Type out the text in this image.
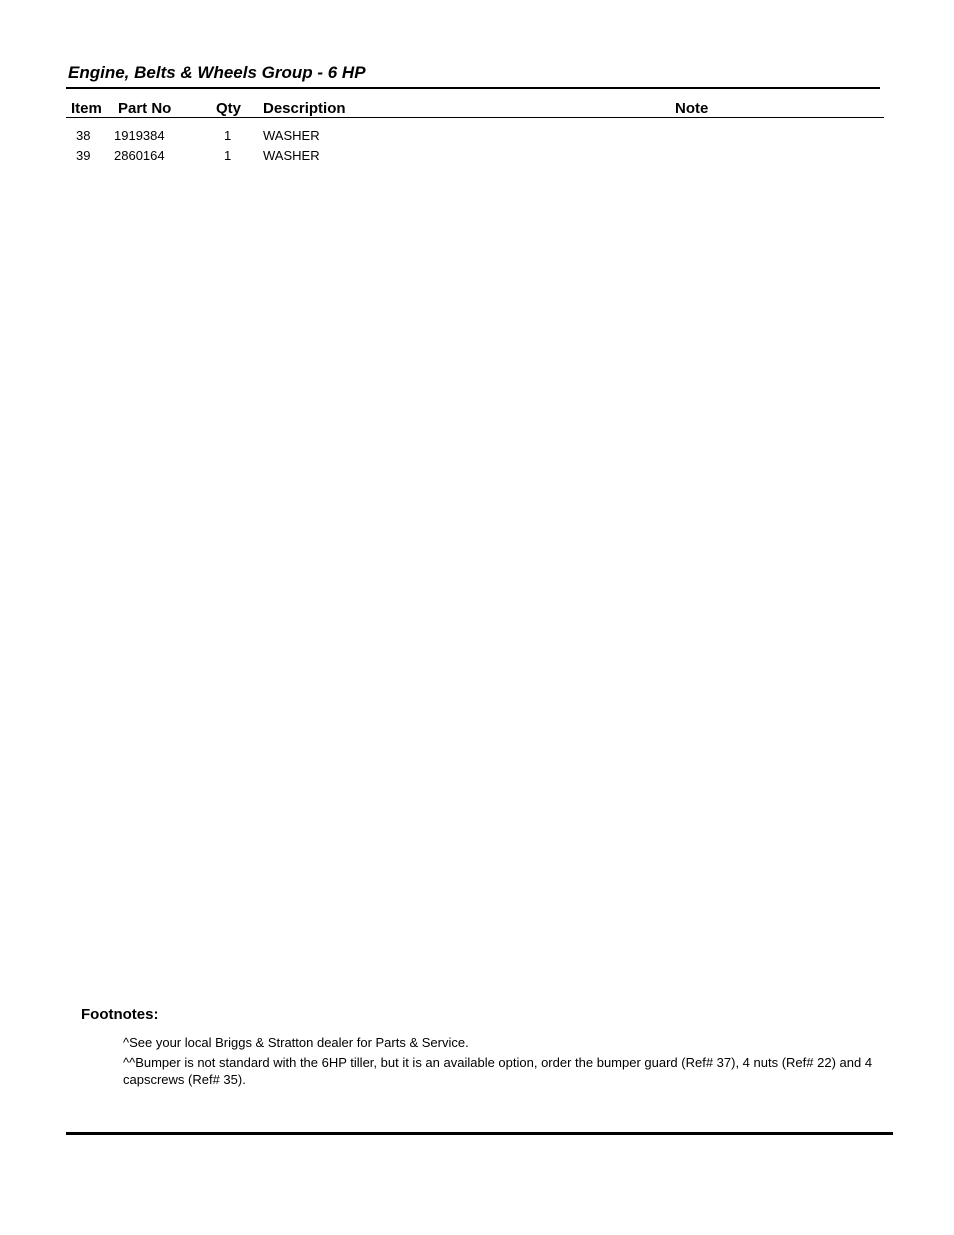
Engine, Belts & Wheels Group - 6 HP
Item Part No	Qty Description	Note
38 1919384	1 WASHER
39 2860164	1 WASHER
Footnotes:

^See your local Briggs & Stratton dealer for Parts & Service.

^^Bumper is not standard with the 6HP tiller, but it is an available option, order the bumper guard (Ref# 37), 4 nuts (Ref# 22) and 4 capscrews (Ref# 35).
